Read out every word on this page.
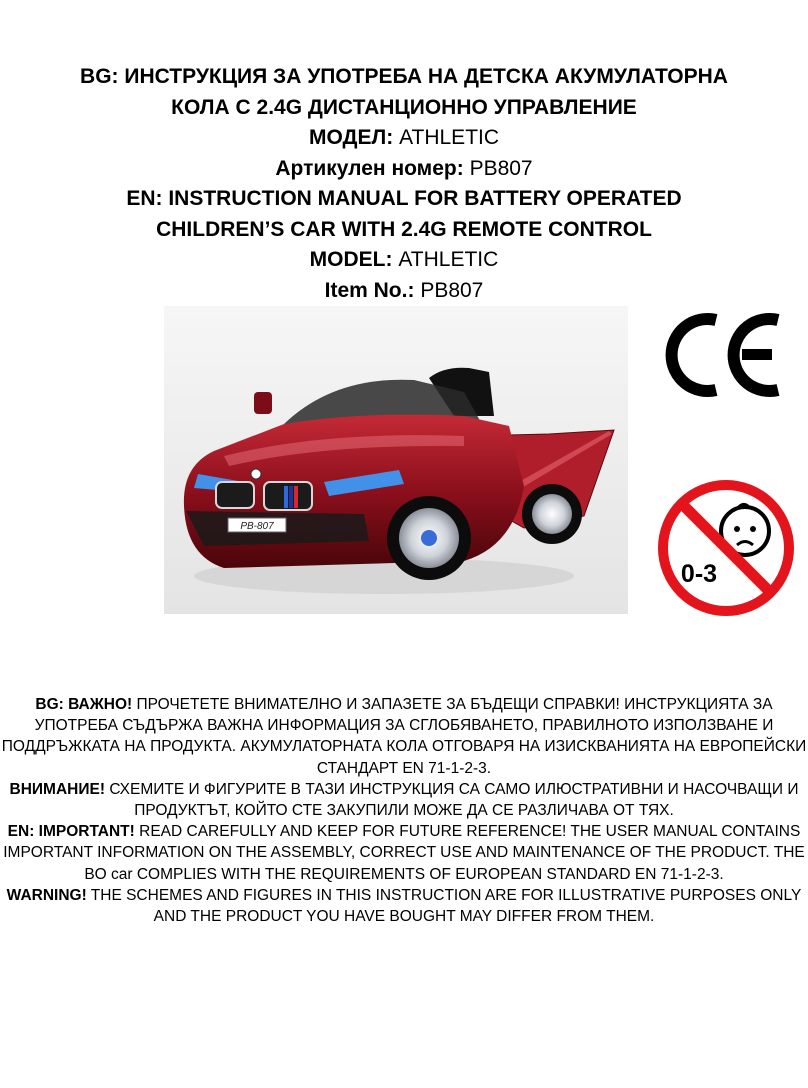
BG: ИНСТРУКЦИЯ ЗА УПОТРЕБА НА ДЕТСКА АКУМУЛАТОРНА

КОЛА С 2.4G ДИСТАНЦИОННО УПРАВЛЕНИЕ

МОДЕЛ: ATHLETIC

Артикулен номер: PB807

EN: INSTRUCTION MANUAL FOR BATTERY OPERATED

CHILDREN’S CAR WITH 2.4G REMOTE CONTROL

MODEL: ATHLETIC

Item No.: PB807

PB-807
CE
0-3

BG: ВАЖНО! ПРОЧЕТЕТЕ ВНИМАТЕЛНО И ЗАПАЗЕТЕ ЗА БЪДЕЩИ СПРАВКИ! ИНСТРУКЦИЯТА ЗА УПОТРЕБА СЪДЪРЖА ВАЖНА ИНФОРМАЦИЯ ЗА СГЛОБЯВАНЕТО, ПРАВИЛНОТО ИЗПОЛЗВАНЕ И ПОДДРЪЖКАТА НА ПРОДУКТА. АКУМУЛАТОРНАТА КОЛА ОТГОВАРЯ НА ИЗИСКВАНИЯТА НА ЕВРОПЕЙСКИ СТАНДАРТ EN 71-1-2-3.

ВНИМАНИЕ! СХЕМИТЕ И ФИГУРИТЕ В ТАЗИ ИНСТРУКЦИЯ СА САМО ИЛЮСТРАТИВНИ И НАСОЧВАЩИ И ПРОДУКТЪТ, КОЙТО СТЕ ЗАКУПИЛИ МОЖЕ ДА СЕ РАЗЛИЧАВА ОТ ТЯХ.

EN: IMPORTANT! READ CAREFULLY AND KEEP FOR FUTURE REFERENCE! THE USER MANUAL CONTAINS IMPORTANT INFORMATION ON THE ASSEMBLY, CORRECT USE AND MAINTENANCE OF THE PRODUCT. THE BO car COMPLIES WITH THE REQUIREMENTS OF EUROPEAN STANDARD EN 71-1-2-3.

WARNING! THE SCHEMES AND FIGURES IN THIS INSTRUCTION ARE FOR ILLUSTRATIVE PURPOSES ONLY AND THE PRODUCT YOU HAVE BOUGHT MAY DIFFER FROM THEM.
